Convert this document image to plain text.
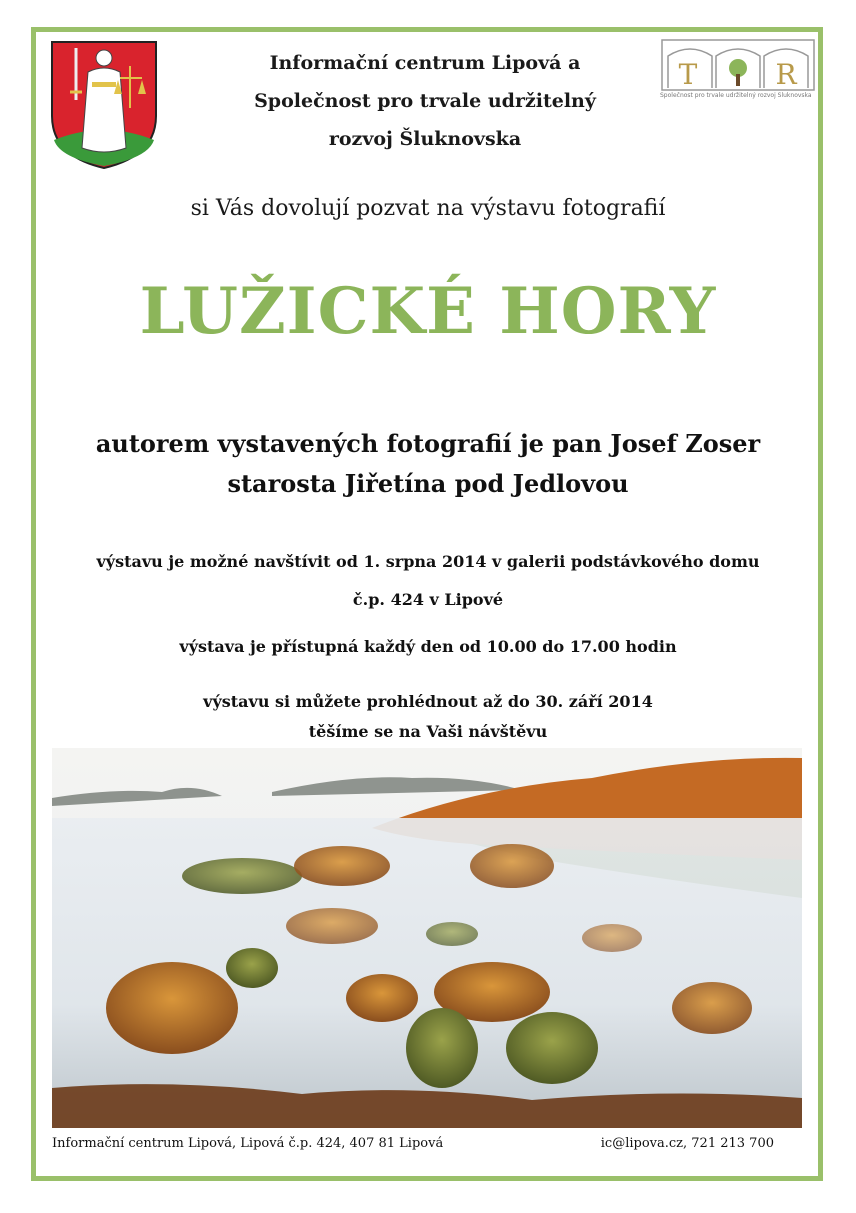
T	R
Společnost pro trvale udržitelný rozvoj Šluknovska
Informační centrum Lipová a
Společnost pro trvale udržitelný
rozvoj Šluknovska
si Vás dovolují pozvat na výstavu fotografií
LUŽICKÉ HORY
autorem vystavených fotografií je pan Josef Zoser
starosta Jiřetína pod Jedlovou
výstavu je možné navštívit od 1. srpna 2014 v galerii podstávkového domu
č.p. 424 v Lipové
výstava je přístupná každý den od 10.00 do 17.00 hodin
výstavu si můžete prohlédnout až do 30. září 2014
těšíme se na Vaši návštěvu
Informační centrum Lipová, Lipová č.p. 424, 407 81 Lipová	ic@lipova.cz, 721 213 700
